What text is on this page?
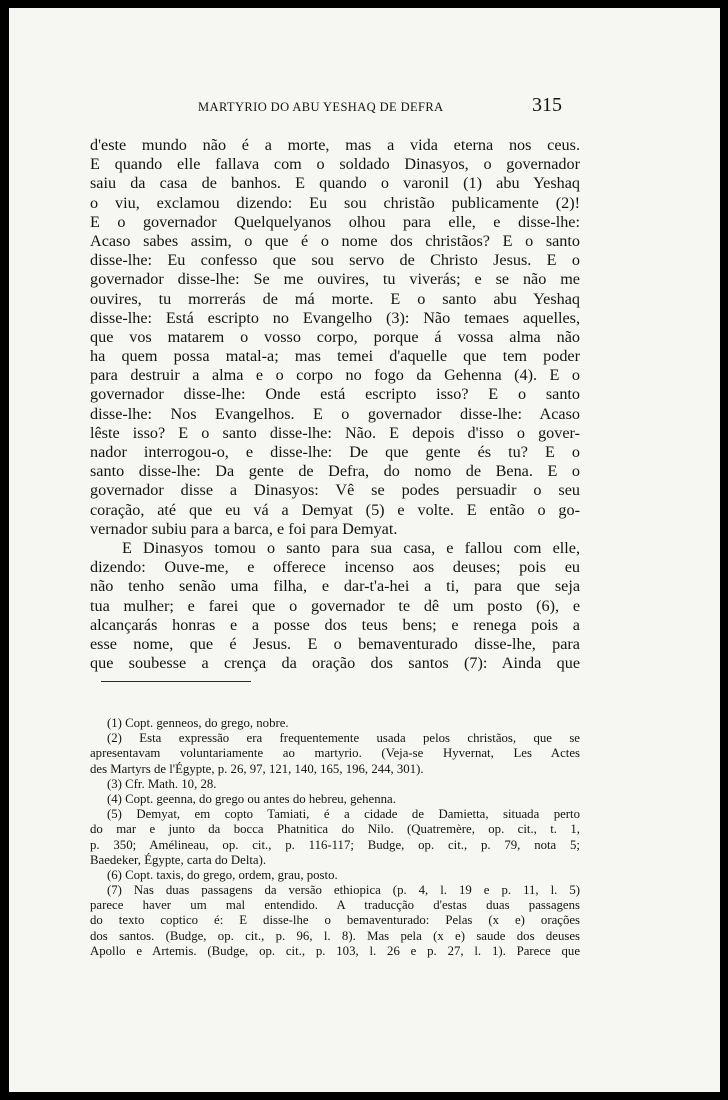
MARTYRIO DO ABU YESHAQ DE DEFRA	315
d'este mundo não é a morte, mas a vida eterna nos ceus.
E quando elle fallava com o soldado Dinasyos, o governador
saiu da casa de banhos. E quando o varonil (1) abu Yeshaq
o viu, exclamou dizendo: Eu sou christão publicamente (2)!
E o governador Quelquelyanos olhou para elle, e disse-lhe:
Acaso sabes assim, o que é o nome dos christãos? E o santo
disse-lhe: Eu confesso que sou servo de Christo Jesus. E o
governador disse-lhe: Se me ouvires, tu viverás; e se não me
ouvires, tu morrerás de má morte. E o santo abu Yeshaq
disse-lhe: Está escripto no Evangelho (3): Não temaes aquelles,
que vos matarem o vosso corpo, porque á vossa alma não
ha quem possa matal-a; mas temei d'aquelle que tem poder
para destruir a alma e o corpo no fogo da Gehenna (4). E o
governador disse-lhe: Onde está escripto isso? E o santo
disse-lhe: Nos Evangelhos. E o governador disse-lhe: Acaso
lêste isso? E o santo disse-lhe: Não. E depois d'isso o gover-
nador interrogou-o, e disse-lhe: De que gente és tu? E o
santo disse-lhe: Da gente de Defra, do nomo de Bena. E o
governador disse a Dinasyos: Vê se podes persuadir o seu
coração, até que eu vá a Demyat (5) e volte. E então o go-
vernador subiu para a barca, e foi para Demyat.
E Dinasyos tomou o santo para sua casa, e fallou com elle,
dizendo: Ouve-me, e offerece incenso aos deuses; pois eu
não tenho senão uma filha, e dar-t'a-hei a ti, para que seja
tua mulher; e farei que o governador te dê um posto (6), e
alcançarás honras e a posse dos teus bens; e renega pois a
esse nome, que é Jesus. E o bemaventurado disse-lhe, para
que soubesse a crença da oração dos santos (7): Ainda que
(1) Copt. genneos, do grego, nobre.
(2) Esta expressão era frequentemente usada pelos christãos, que se
apresentavam voluntariamente ao martyrio. (Veja-se Hyvernat, Les Actes
des Martyrs de l'Égypte, p. 26, 97, 121, 140, 165, 196, 244, 301).
(3) Cfr. Math. 10, 28.
(4) Copt. geenna, do grego ou antes do hebreu, gehenna.
(5) Demyat, em copto Tamiati, é a cidade de Damietta, situada perto
do mar e junto da bocca Phatnitica do Nilo. (Quatremère, op. cit., t. 1,
p. 350; Amélineau, op. cit., p. 116-117; Budge, op. cit., p. 79, nota 5;
Baedeker, Égypte, carta do Delta).
(6) Copt. taxis, do grego, ordem, grau, posto.
(7) Nas duas passagens da versão ethiopica (p. 4, l. 19 e p. 11, l. 5)
parece haver um mal entendido. A traducção d'estas duas passagens
do texto coptico é: E disse-lhe o bemaventurado: Pelas (x e) orações
dos santos. (Budge, op. cit., p. 96, l. 8). Mas pela (x e) saude dos deuses
Apollo e Artemis. (Budge, op. cit., p. 103, l. 26 e p. 27, l. 1). Parece que
